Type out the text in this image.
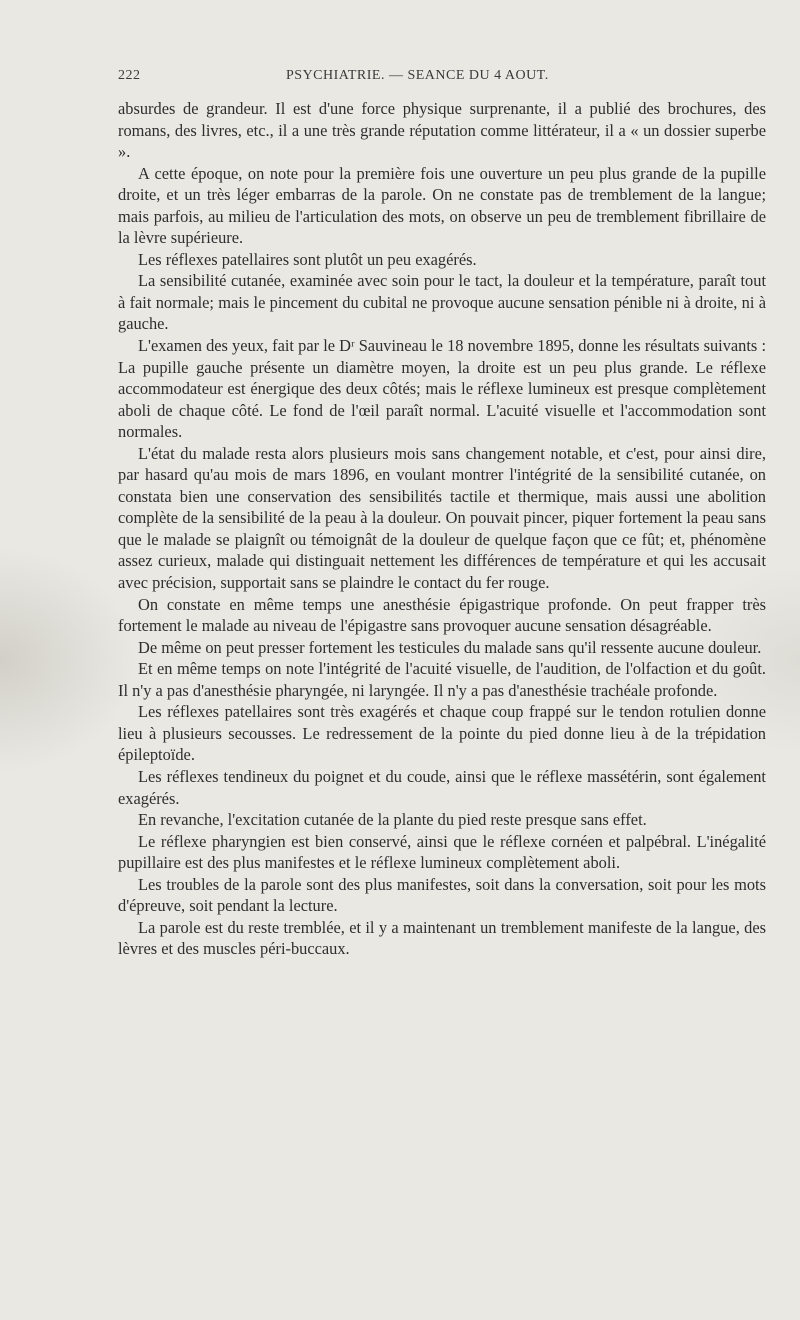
222	PSYCHIATRIE. — SEANCE DU 4 AOUT.

absurdes de grandeur. Il est d'une force physique surprenante, il a publié des brochures, des romans, des livres, etc., il a une très grande réputation comme littérateur, il a « un dossier superbe ».

A cette époque, on note pour la première fois une ouverture un peu plus grande de la pupille droite, et un très léger embarras de la parole. On ne constate pas de tremblement de la langue; mais parfois, au milieu de l'articulation des mots, on observe un peu de tremblement fibrillaire de la lèvre supérieure.

Les réflexes patellaires sont plutôt un peu exagérés.

La sensibilité cutanée, examinée avec soin pour le tact, la douleur et la température, paraît tout à fait normale; mais le pincement du cubital ne provoque aucune sensation pénible ni à droite, ni à gauche.

L'examen des yeux, fait par le Dʳ Sauvineau le 18 novembre 1895, donne les résultats suivants : La pupille gauche présente un diamètre moyen, la droite est un peu plus grande. Le réflexe accommodateur est énergique des deux côtés; mais le réflexe lumineux est presque complètement aboli de chaque côté. Le fond de l'œil paraît normal. L'acuité visuelle et l'accommodation sont normales.

L'état du malade resta alors plusieurs mois sans changement notable, et c'est, pour ainsi dire, par hasard qu'au mois de mars 1896, en voulant montrer l'intégrité de la sensibilité cutanée, on constata bien une conservation des sensibilités tactile et thermique, mais aussi une abolition complète de la sensibilité de la peau à la douleur. On pouvait pincer, piquer fortement la peau sans que le malade se plaignît ou témoignât de la douleur de quelque façon que ce fût; et, phénomène assez curieux, malade qui distinguait nettement les différences de température et qui les accusait avec précision, supportait sans se plaindre le contact du fer rouge.

On constate en même temps une anesthésie épigastrique profonde. On peut frapper très fortement le malade au niveau de l'épigastre sans provoquer aucune sensation désagréable.

De même on peut presser fortement les testicules du malade sans qu'il ressente aucune douleur.

Et en même temps on note l'intégrité de l'acuité visuelle, de l'audition, de l'olfaction et du goût. Il n'y a pas d'anesthésie pharyngée, ni laryngée. Il n'y a pas d'anesthésie trachéale profonde.

Les réflexes patellaires sont très exagérés et chaque coup frappé sur le tendon rotulien donne lieu à plusieurs secousses. Le redressement de la pointe du pied donne lieu à de la trépidation épileptoïde.

Les réflexes tendineux du poignet et du coude, ainsi que le réflexe massétérin, sont également exagérés.

En revanche, l'excitation cutanée de la plante du pied reste presque sans effet.

Le réflexe pharyngien est bien conservé, ainsi que le réflexe cornéen et palpébral. L'inégalité pupillaire est des plus manifestes et le réflexe lumineux complètement aboli.

Les troubles de la parole sont des plus manifestes, soit dans la conversation, soit pour les mots d'épreuve, soit pendant la lecture.

La parole est du reste tremblée, et il y a maintenant un tremblement manifeste de la langue, des lèvres et des muscles péri-buccaux.
